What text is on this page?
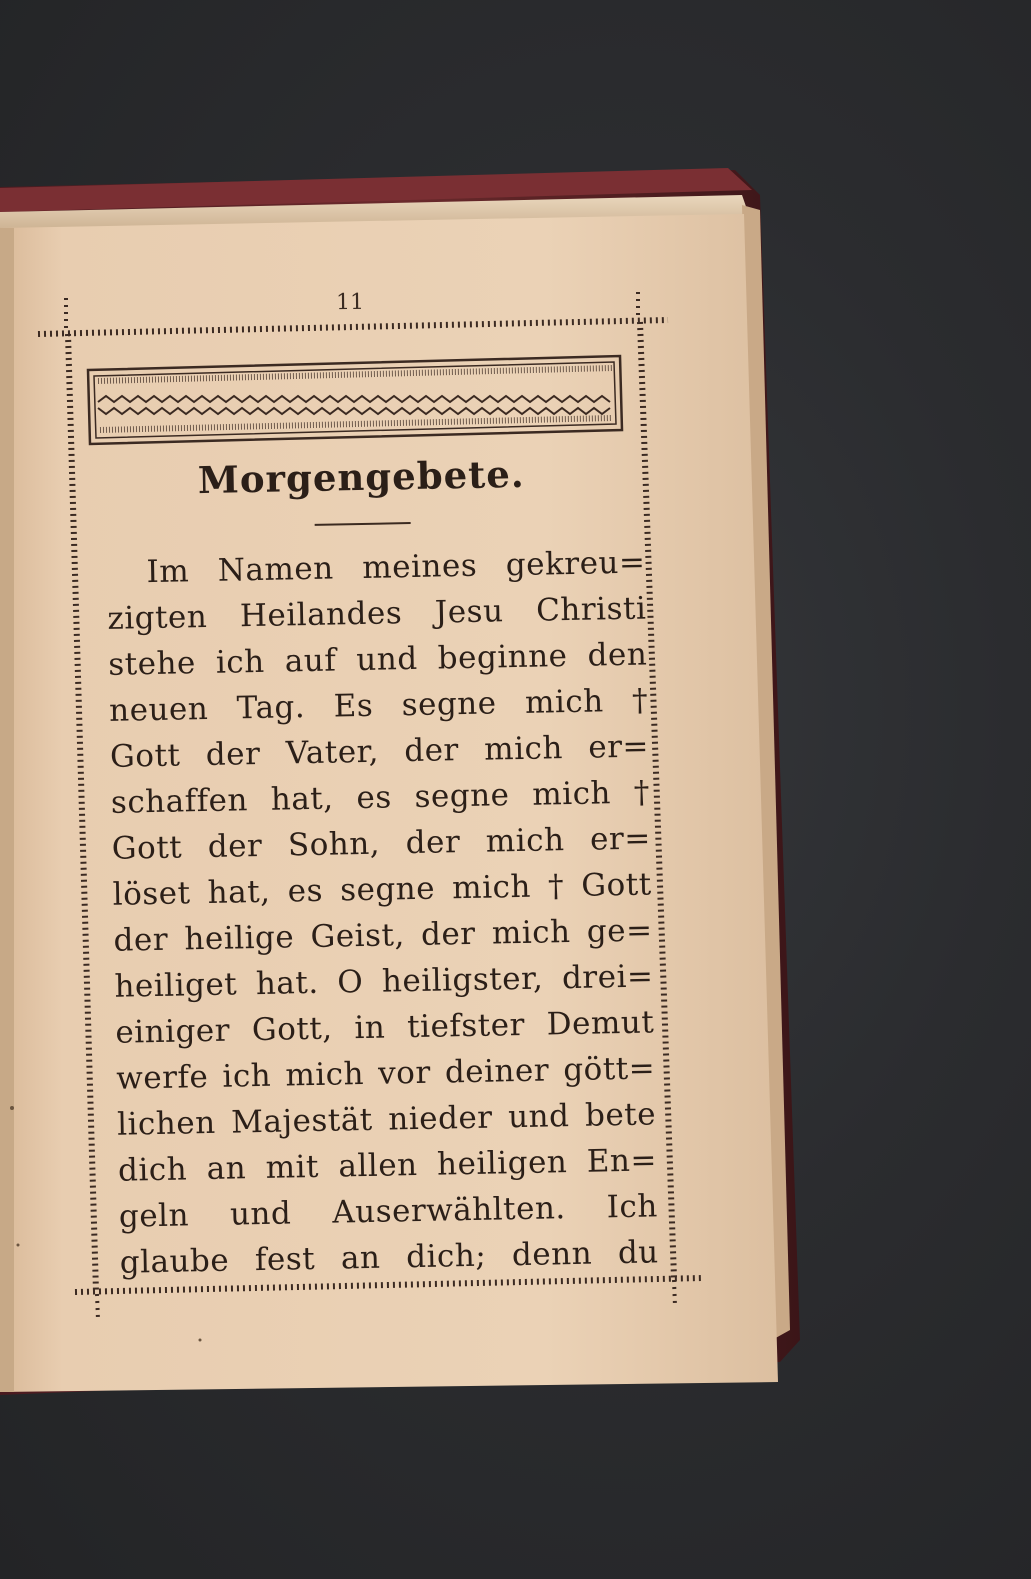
11
Morgengebete.
Im Namen meines gekreu=
zigten Heilandes Jesu Christi
stehe ich auf und beginne den
neuen Tag. Es segne mich †
Gott der Vater, der mich er=
schaffen hat, es segne mich †
Gott der Sohn, der mich er=
löset hat, es segne mich † Gott
der heilige Geist, der mich ge=
heiliget hat. O heiligster, drei=
einiger Gott, in tiefster Demut
werfe ich mich vor deiner gött=
lichen Majestät nieder und bete
dich an mit allen heiligen En=
geln und Auserwählten. Ich
glaube fest an dich; denn du
